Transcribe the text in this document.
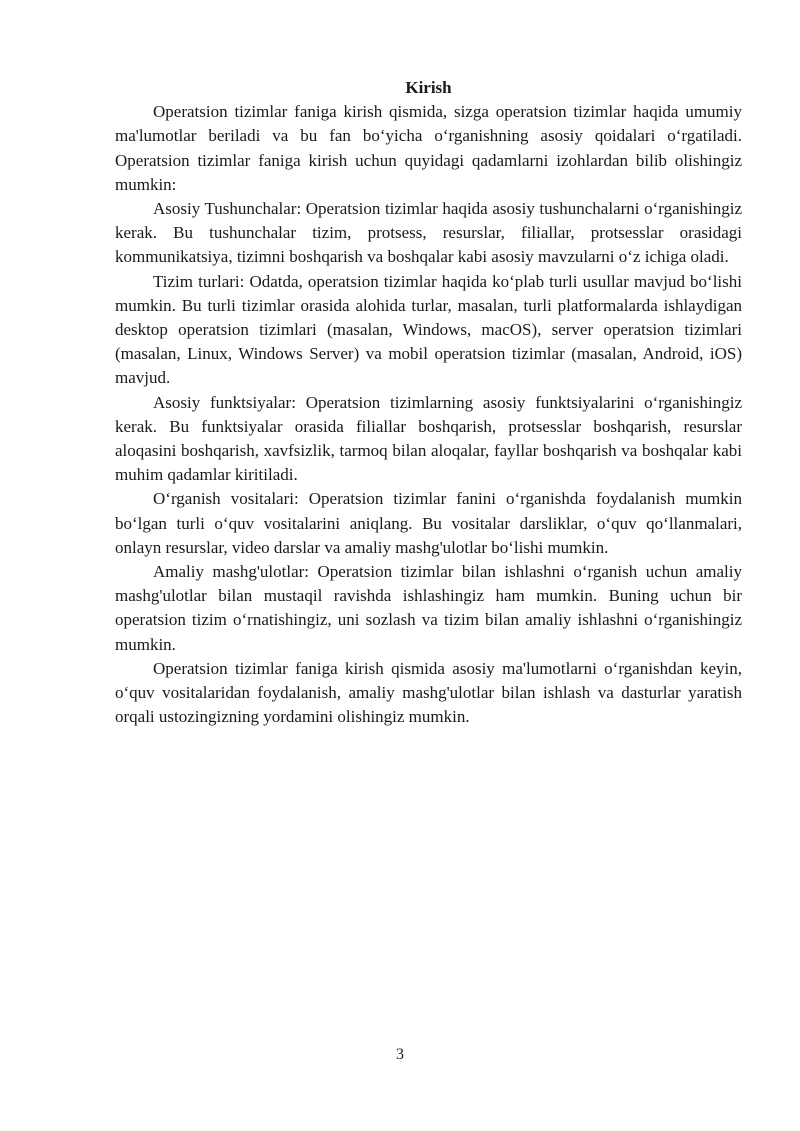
Kirish

Operatsion tizimlar faniga kirish qismida, sizga operatsion tizimlar haqida umumiy ma'lumotlar beriladi va bu fan bo‘yicha o‘rganishning asosiy qoidalari o‘rgatiladi. Operatsion tizimlar faniga kirish uchun quyidagi qadamlarni izohlardan bilib olishingiz mumkin:

Asosiy Tushunchalar: Operatsion tizimlar haqida asosiy tushunchalarni o‘rganishingiz kerak. Bu tushunchalar tizim, protsess, resurslar, filiallar, protsesslar orasidagi kommunikatsiya, tizimni boshqarish va boshqalar kabi asosiy mavzularni o‘z ichiga oladi.

Tizim turlari: Odatda, operatsion tizimlar haqida ko‘plab turli usullar mavjud bo‘lishi mumkin. Bu turli tizimlar orasida alohida turlar, masalan, turli platformalarda ishlaydigan desktop operatsion tizimlari (masalan, Windows, macOS), server operatsion tizimlari (masalan, Linux, Windows Server) va mobil operatsion tizimlar (masalan, Android, iOS) mavjud.

Asosiy funktsiyalar: Operatsion tizimlarning asosiy funktsiyalarini o‘rganishingiz kerak. Bu funktsiyalar orasida filiallar boshqarish, protsesslar boshqarish, resurslar aloqasini boshqarish, xavfsizlik, tarmoq bilan aloqalar, fayllar boshqarish va boshqalar kabi muhim qadamlar kiritiladi.

O‘rganish vositalari: Operatsion tizimlar fanini o‘rganishda foydalanish mumkin bo‘lgan turli o‘quv vositalarini aniqlang. Bu vositalar darsliklar, o‘quv qo‘llanmalari, onlayn resurslar, video darslar va amaliy mashg'ulotlar bo‘lishi mumkin.

Amaliy mashg'ulotlar: Operatsion tizimlar bilan ishlashni o‘rganish uchun amaliy mashg'ulotlar bilan mustaqil ravishda ishlashingiz ham mumkin. Buning uchun bir operatsion tizim o‘rnatishingiz, uni sozlash va tizim bilan amaliy ishlashni o‘rganishingiz mumkin.

Operatsion tizimlar faniga kirish qismida asosiy ma'lumotlarni o‘rganishdan keyin, o‘quv vositalaridan foydalanish, amaliy mashg'ulotlar bilan ishlash va dasturlar yaratish orqali ustozingizning yordamini olishingiz mumkin.

3
